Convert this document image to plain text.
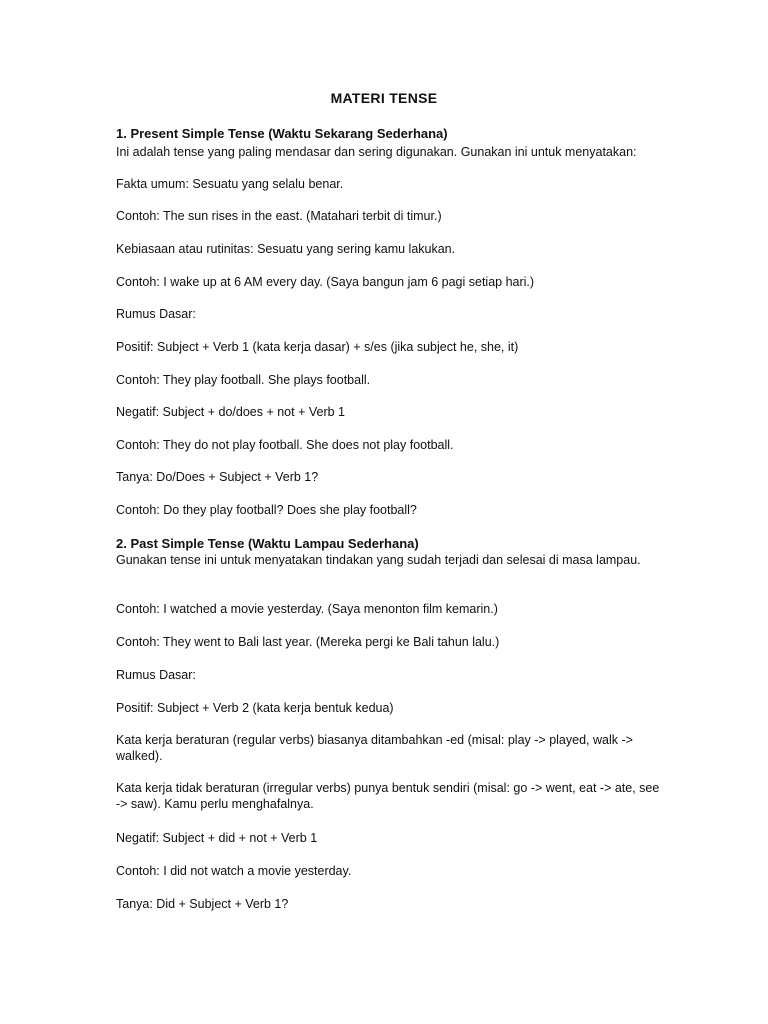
MATERI TENSE
1. Present Simple Tense (Waktu Sekarang Sederhana)
Ini adalah tense yang paling mendasar dan sering digunakan. Gunakan ini untuk menyatakan:
Fakta umum: Sesuatu yang selalu benar.
Contoh: The sun rises in the east. (Matahari terbit di timur.)
Kebiasaan atau rutinitas: Sesuatu yang sering kamu lakukan.
Contoh: I wake up at 6 AM every day. (Saya bangun jam 6 pagi setiap hari.)
Rumus Dasar:
Positif: Subject + Verb 1 (kata kerja dasar) + s/es (jika subject he, she, it)
Contoh: They play football. She plays football.
Negatif: Subject + do/does + not + Verb 1
Contoh: They do not play football. She does not play football.
Tanya: Do/Does + Subject + Verb 1?
Contoh: Do they play football? Does she play football?
2. Past Simple Tense (Waktu Lampau Sederhana)
Gunakan tense ini untuk menyatakan tindakan yang sudah terjadi dan selesai di masa lampau.
Contoh: I watched a movie yesterday. (Saya menonton film kemarin.)
Contoh: They went to Bali last year. (Mereka pergi ke Bali tahun lalu.)
Rumus Dasar:
Positif: Subject + Verb 2 (kata kerja bentuk kedua)
Kata kerja beraturan (regular verbs) biasanya ditambahkan -ed (misal: play -> played, walk -> walked).
Kata kerja tidak beraturan (irregular verbs) punya bentuk sendiri (misal: go -> went, eat -> ate, see -> saw). Kamu perlu menghafalnya.
Negatif: Subject + did + not + Verb 1
Contoh: I did not watch a movie yesterday.
Tanya: Did + Subject + Verb 1?
